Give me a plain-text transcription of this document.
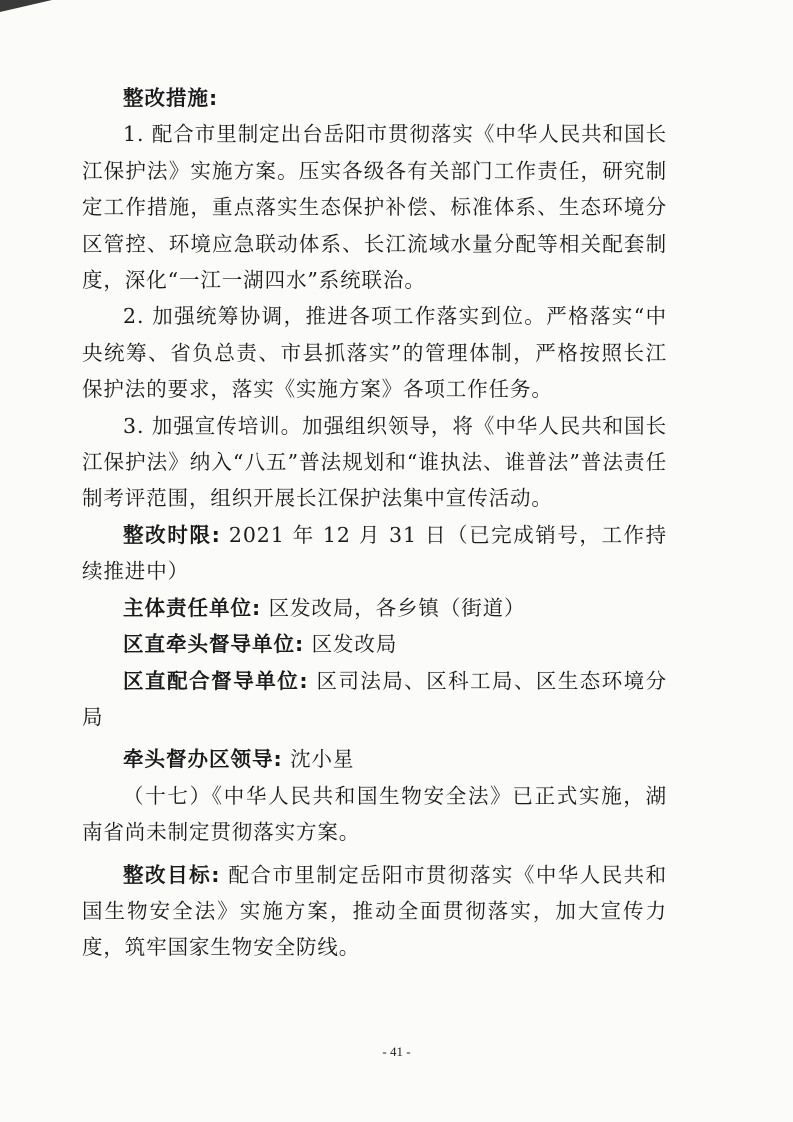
整改措施:

1. 配合市里制定出台岳阳市贯彻落实《中华人民共和国长江保护法》实施方案。压实各级各有关部门工作责任，研究制定工作措施，重点落实生态保护补偿、标准体系、生态环境分区管控、环境应急联动体系、长江流域水量分配等相关配套制度，深化“一江一湖四水”系统联治。

2. 加强统筹协调，推进各项工作落实到位。严格落实“中央统筹、省负总责、市县抓落实”的管理体制，严格按照长江保护法的要求，落实《实施方案》各项工作任务。

3. 加强宣传培训。加强组织领导，将《中华人民共和国长江保护法》纳入“八五”普法规划和“谁执法、谁普法”普法责任制考评范围，组织开展长江保护法集中宣传活动。

整改时限: 2021 年 12 月 31 日（已完成销号，工作持续推进中）

主体责任单位: 区发改局，各乡镇（街道）

区直牵头督导单位: 区发改局

区直配合督导单位: 区司法局、区科工局、区生态环境分局

牵头督办区领导: 沈小星

（十七）《中华人民共和国生物安全法》已正式实施，湖南省尚未制定贯彻落实方案。

整改目标: 配合市里制定岳阳市贯彻落实《中华人民共和国生物安全法》实施方案，推动全面贯彻落实，加大宣传力度，筑牢国家生物安全防线。

- 41 -
